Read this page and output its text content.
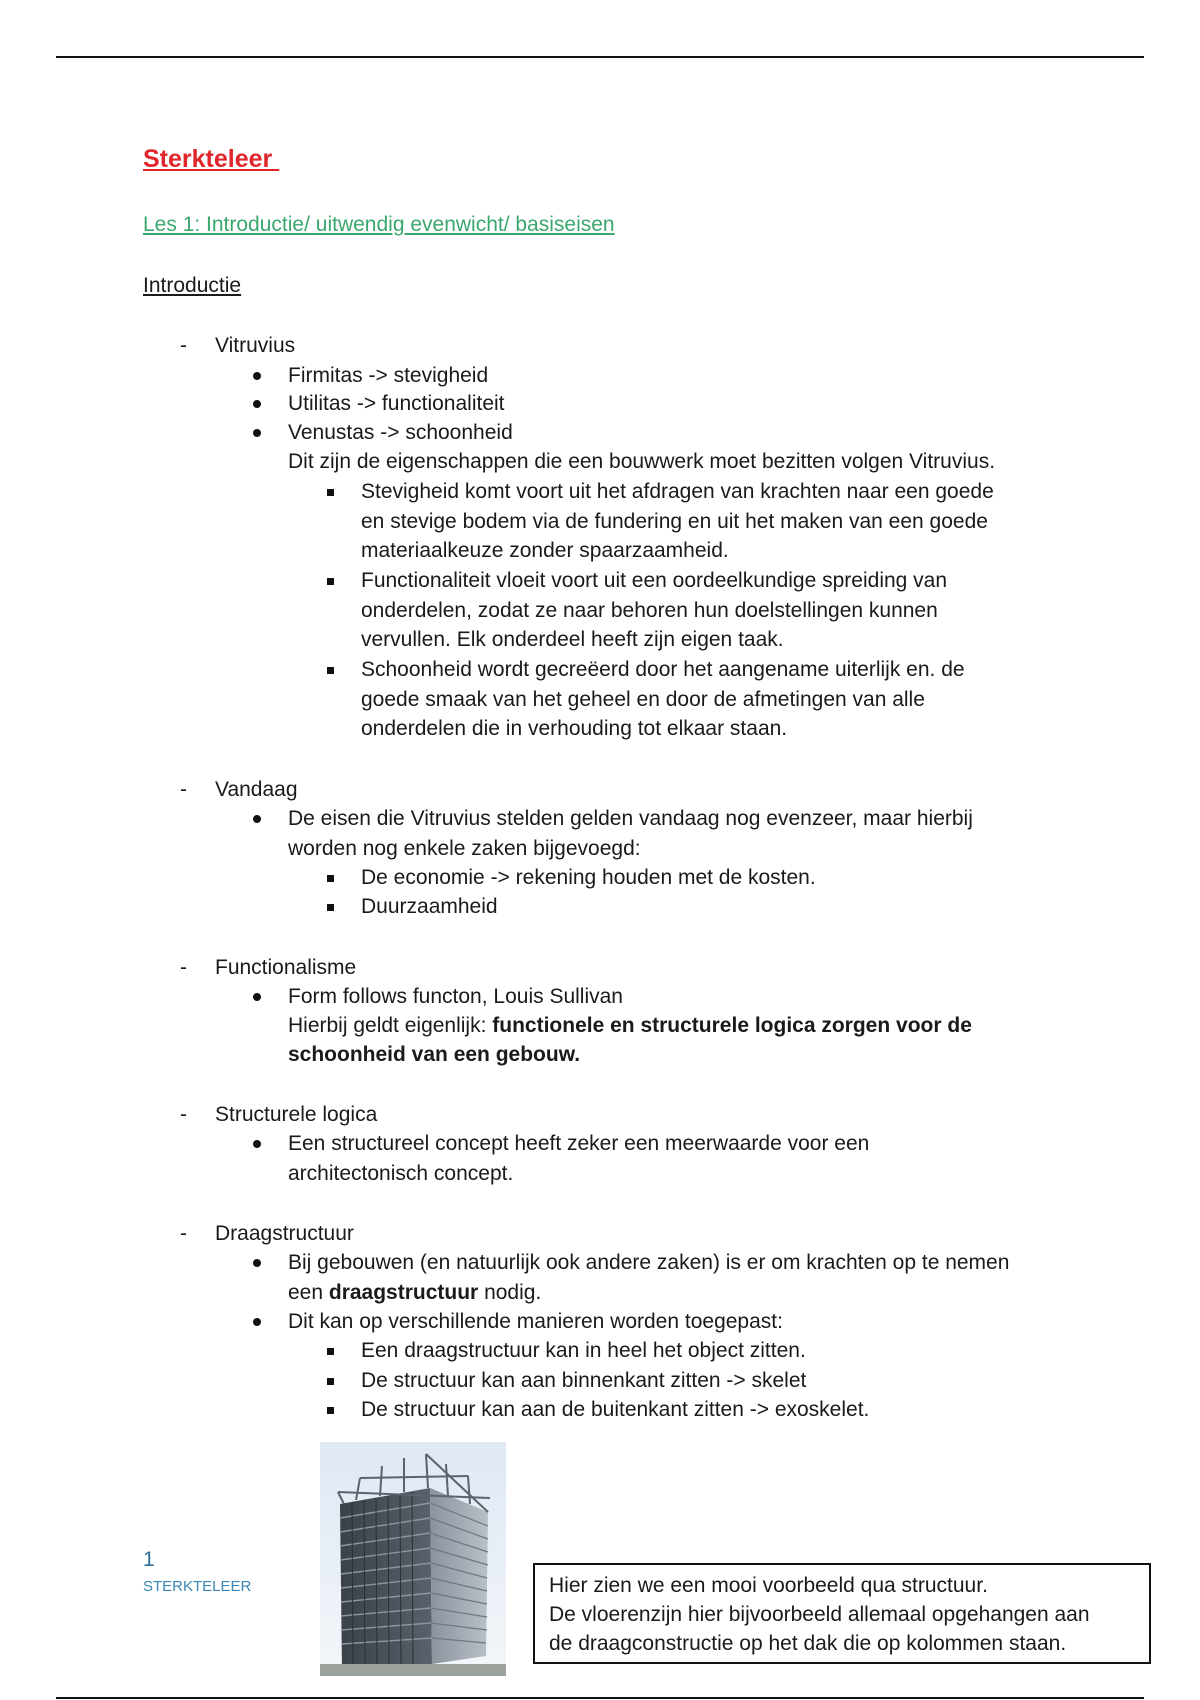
Sterkteleer
Les 1: Introductie/ uitwendig evenwicht/ basiseisen
Introductie
- Vitruvius
Firmitas -> stevigheid
Utilitas -> functionaliteit
Venustas -> schoonheid
Dit zijn de eigenschappen die een bouwwerk moet bezitten volgen Vitruvius.
Stevigheid komt voort uit het afdragen van krachten naar een goede
en stevige bodem via de fundering en uit het maken van een goede
materiaalkeuze zonder spaarzaamheid.
Functionaliteit vloeit voort uit een oordeelkundige spreiding van
onderdelen, zodat ze naar behoren hun doelstellingen kunnen
vervullen. Elk onderdeel heeft zijn eigen taak.
Schoonheid wordt gecreëerd door het aangename uiterlijk en. de
goede smaak van het geheel en door de afmetingen van alle
onderdelen die in verhouding tot elkaar staan.
- Vandaag
De eisen die Vitruvius stelden gelden vandaag nog evenzeer, maar hierbij
worden nog enkele zaken bijgevoegd:
De economie -> rekening houden met de kosten.
Duurzaamheid
- Functionalisme
Form follows functon, Louis Sullivan
Hierbij geldt eigenlijk: functionele en structurele logica zorgen voor de
schoonheid van een gebouw.
- Structurele logica
Een structureel concept heeft zeker een meerwaarde voor een
architectonisch concept.
- Draagstructuur
Bij gebouwen (en natuurlijk ook andere zaken) is er om krachten op te nemen
een draagstructuur nodig.
Dit kan op verschillende manieren worden toegepast:
Een draagstructuur kan in heel het object zitten.
De structuur kan aan binnenkant zitten -> skelet
De structuur kan aan de buitenkant zitten -> exoskelet.
1
STERKTELEER	Hier zien we een mooi voorbeeld qua structuur.
De vloerenzijn hier bijvoorbeeld allemaal opgehangen aan
de draagconstructie op het dak die op kolommen staan.
